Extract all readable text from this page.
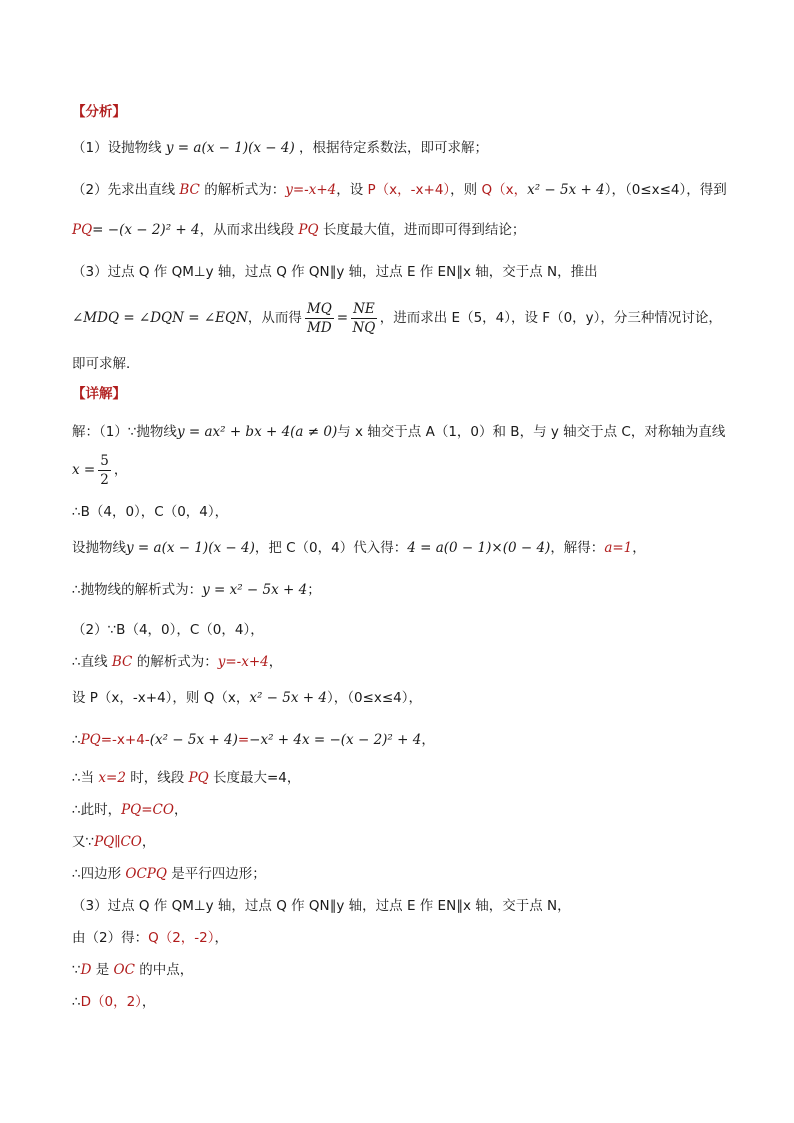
【分析】
（1）设抛物线 y = a(x − 1)(x − 4) ，根据待定系数法，即可求解；
（2）先求出直线 BC 的解析式为：y=-x+4，设 P（x，-x+4），则 Q（x，x² − 5x + 4），（0≤x≤4），得到
PQ= −(x − 2)² + 4，从而求出线段 PQ 长度最大值，进而即可得到结论；
（3）过点 Q 作 QM⊥y 轴，过点 Q 作 QN∥y 轴，过点 E 作 EN∥x 轴，交于点 N，推出
∠MDQ = ∠DQN = ∠EQN，从而得 $\frac{MQ}{MD} = \frac{NE}{NQ}$ ，进而求出 E（5，4），设 F（0，y），分三种情况讨论，
即可求解．
【详解】
解：（1）∵抛物线y = ax² + bx + 4(a ≠ 0)与 x 轴交于点 A（1，0）和 B，与 y 轴交于点 C，对称轴为直线
$x = \frac{5}{2}$ ，
∴B（4，0），C（0，4），
设抛物线y = a(x − 1)(x − 4)，把 C（0，4）代入得：4 = a(0 − 1)×(0 − 4)，解得：a=1，
∴抛物线的解析式为：y = x² − 5x + 4；
（2）∵B（4，0），C（0，4），
∴直线 BC 的解析式为：y=-x+4，
设 P（x，-x+4），则 Q（x，x² − 5x + 4），（0≤x≤4），
∴PQ=-x+4-(x² − 5x + 4)=−x² + 4x = −(x − 2)² + 4，
∴当 x=2 时，线段 PQ 长度最大=4，
∴此时，PQ=CO，
又∵PQ∥CO，
∴四边形 OCPQ 是平行四边形；
（3）过点 Q 作 QM⊥y 轴，过点 Q 作 QN∥y 轴，过点 E 作 EN∥x 轴，交于点 N，
由（2）得：Q（2，-2），
∵D 是 OC 的中点，
∴D（0，2），
